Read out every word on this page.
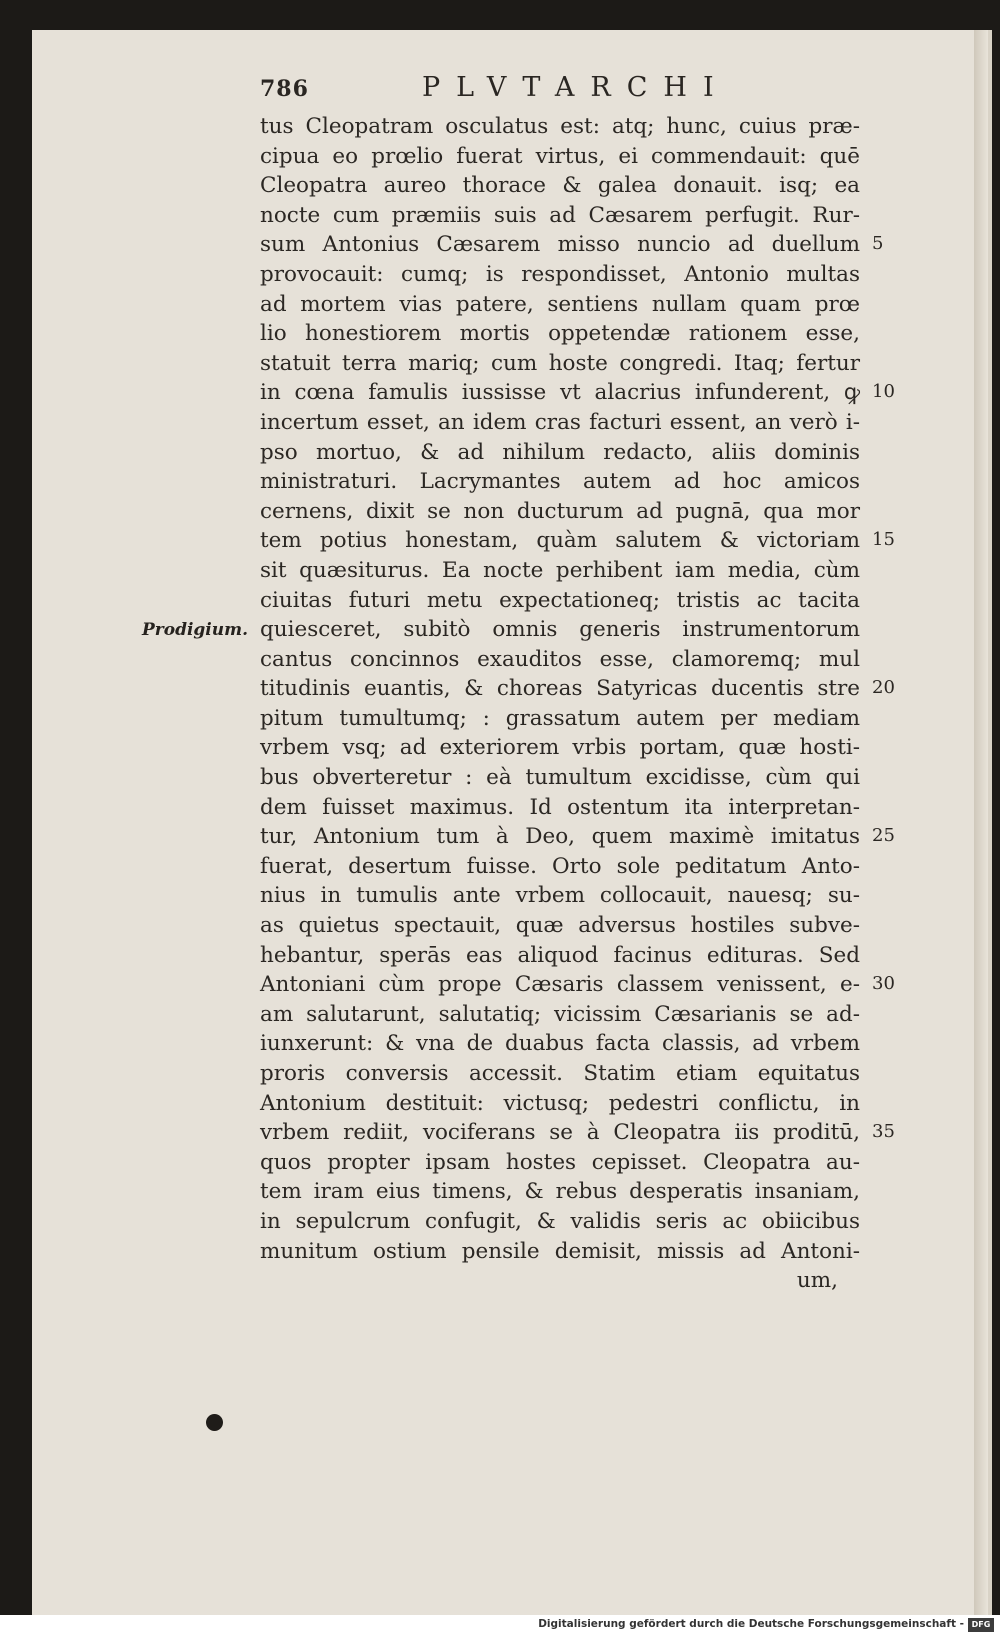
786	PLVTARCHI
tus Cleopatram osculatus est: atq; hunc, cuius præ-
cipua eo prœlio fuerat virtus, ei commendauit: quē
Cleopatra aureo thorace & galea donauit. isq; ea
nocte cum præmiis suis ad Cæsarem perfugit. Rur-
sum Antonius Cæsarem misso nuncio ad duellum
provocauit: cumq; is respondisset, Antonio multas
ad mortem vias patere, sentiens nullam quam prœ
lio honestiorem mortis oppetendæ rationem esse,
statuit terra mariq; cum hoste congredi. Itaq; fertur
in cœna famulis iussisse vt alacrius infunderent, ꝙ
incertum esset, an idem cras facturi essent, an verò i-
pso mortuo, & ad nihilum redacto, aliis dominis
ministraturi. Lacrymantes autem ad hoc amicos
cernens, dixit se non ducturum ad pugnā, qua mor
tem potius honestam, quàm salutem & victoriam
sit quæsiturus. Ea nocte perhibent iam media, cùm
ciuitas futuri metu expectationeq; tristis ac tacita
quiesceret, subitò omnis generis instrumentorum
cantus concinnos exauditos esse, clamoremq; mul
titudinis euantis, & choreas Satyricas ducentis stre
pitum tumultumq; : grassatum autem per mediam
vrbem vsq; ad exteriorem vrbis portam, quæ hosti-
bus obverteretur : eà tumultum excidisse, cùm qui
dem fuisset maximus. Id ostentum ita interpretan-
tur, Antonium tum à Deo, quem maximè imitatus
fuerat, desertum fuisse. Orto sole peditatum Anto-
nius in tumulis ante vrbem collocauit, nauesq; su-
as quietus spectauit, quæ adversus hostiles subve-
hebantur, sperās eas aliquod facinus edituras. Sed
Antoniani cùm prope Cæsaris classem venissent, e-
am salutarunt, salutatiq; vicissim Cæsarianis se ad-
iunxerunt: & vna de duabus facta classis, ad vrbem
proris conversis accessit. Statim etiam equitatus
Antonium destituit: victusq; pedestri conflictu, in
vrbem rediit, vociferans se à Cleopatra iis proditū,
quos propter ipsam hostes cepisset. Cleopatra au-
tem iram eius timens, & rebus desperatis insaniam,
in sepulcrum confugit, & validis seris ac obiicibus
munitum ostium pensile demisit, missis ad Antoni-
um,
5
10
15
20
25
30
35
Prodigium.
Digitalisierung gefördert durch die Deutsche Forschungsgemeinschaft - DFG
